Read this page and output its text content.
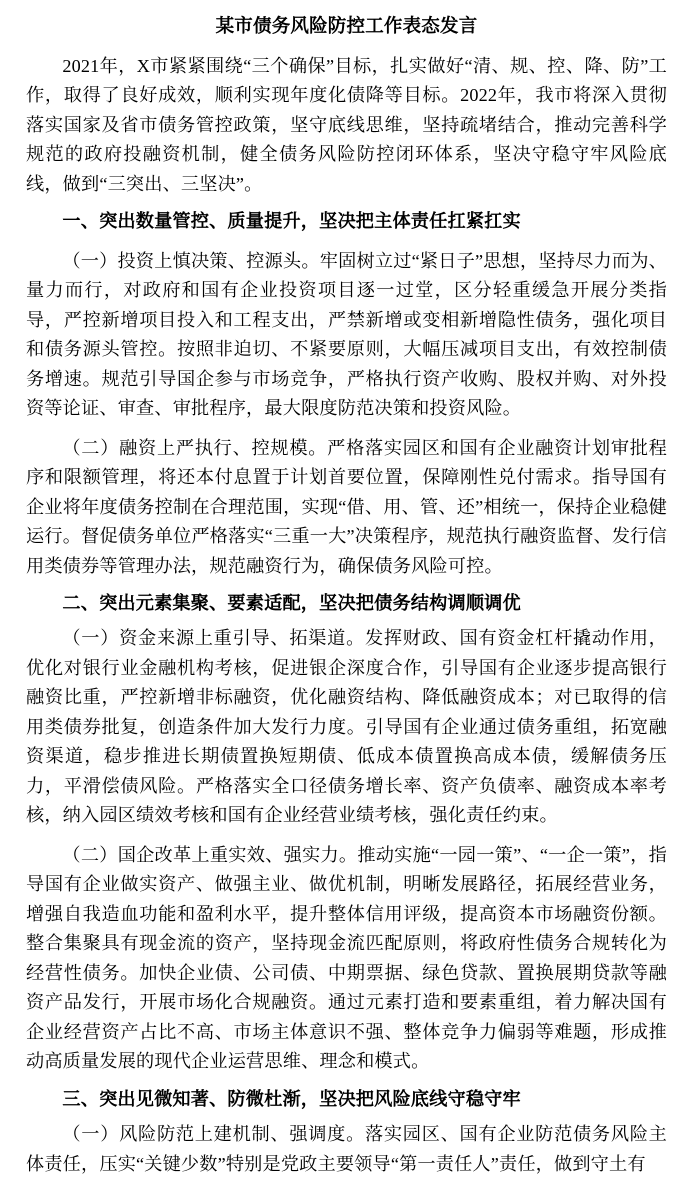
某市债务风险防控工作表态发言

2021年，X市紧紧围绕“三个确保”目标，扎实做好“清、规、控、降、防”工作，取得了良好成效，顺利实现年度化债降等目标。2022年，我市将深入贯彻落实国家及省市债务管控政策，坚守底线思维，坚持疏堵结合，推动完善科学规范的政府投融资机制，健全债务风险防控闭环体系，坚决守稳守牢风险底线，做到“三突出、三坚决”。

一、突出数量管控、质量提升，坚决把主体责任扛紧扛实

（一）投资上慎决策、控源头。牢固树立过“紧日子”思想，坚持尽力而为、量力而行，对政府和国有企业投资项目逐一过堂，区分轻重缓急开展分类指导，严控新增项目投入和工程支出，严禁新增或变相新增隐性债务，强化项目和债务源头管控。按照非迫切、不紧要原则，大幅压减项目支出，有效控制债务增速。规范引导国企参与市场竞争，严格执行资产收购、股权并购、对外投资等论证、审查、审批程序，最大限度防范决策和投资风险。

（二）融资上严执行、控规模。严格落实园区和国有企业融资计划审批程序和限额管理，将还本付息置于计划首要位置，保障刚性兑付需求。指导国有企业将年度债务控制在合理范围，实现“借、用、管、还”相统一，保持企业稳健运行。督促债务单位严格落实“三重一大”决策程序，规范执行融资监督、发行信用类债券等管理办法，规范融资行为，确保债务风险可控。

二、突出元素集聚、要素适配，坚决把债务结构调顺调优

（一）资金来源上重引导、拓渠道。发挥财政、国有资金杠杆撬动作用，优化对银行业金融机构考核，促进银企深度合作，引导国有企业逐步提高银行融资比重，严控新增非标融资，优化融资结构、降低融资成本；对已取得的信用类债券批复，创造条件加大发行力度。引导国有企业通过债务重组，拓宽融资渠道，稳步推进长期债置换短期债、低成本债置换高成本债，缓解债务压力，平滑偿债风险。严格落实全口径债务增长率、资产负债率、融资成本率考核，纳入园区绩效考核和国有企业经营业绩考核，强化责任约束。

（二）国企改革上重实效、强实力。推动实施“一园一策”、“一企一策”，指导国有企业做实资产、做强主业、做优机制，明晰发展路径，拓展经营业务，增强自我造血功能和盈利水平，提升整体信用评级，提高资本市场融资份额。整合集聚具有现金流的资产，坚持现金流匹配原则，将政府性债务合规转化为经营性债务。加快企业债、公司债、中期票据、绿色贷款、置换展期贷款等融资产品发行，开展市场化合规融资。通过元素打造和要素重组，着力解决国有企业经营资产占比不高、市场主体意识不强、整体竞争力偏弱等难题，形成推动高质量发展的现代企业运营思维、理念和模式。

三、突出见微知著、防微杜渐，坚决把风险底线守稳守牢

（一）风险防范上建机制、强调度。落实园区、国有企业防范债务风险主体责任，压实“关键少数”特别是党政主要领导“第一责任人”责任，做到守土有
